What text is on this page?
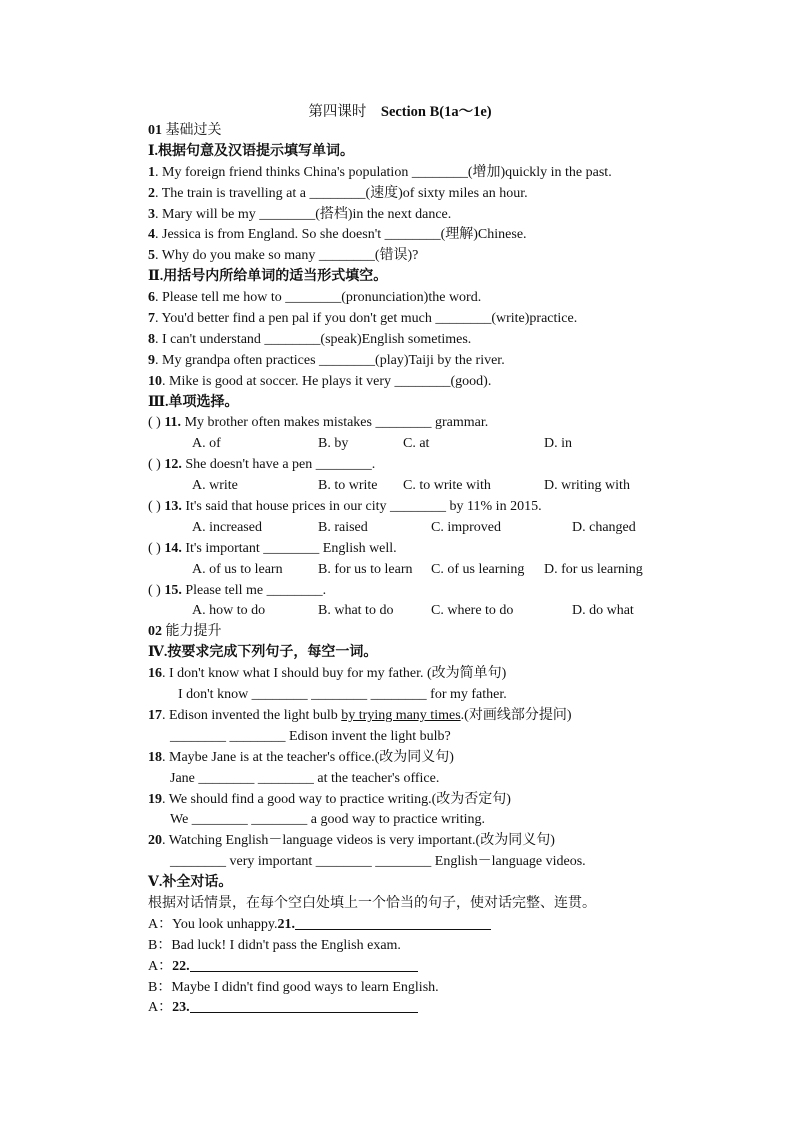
第四课时 Section B(1a～1e)
01 基础过关
Ⅰ.根据句意及汉语提示填写单词。
1. My foreign friend thinks China's population ________(增加)quickly in the past.
2. The train is travelling at a ________(速度)of sixty miles an hour.
3. Mary will be my ________(搭档)in the next dance.
4. Jessica is from England. So she doesn't ________(理解)Chinese.
5. Why do you make so many ________(错误)?
Ⅱ.用括号内所给单词的适当形式填空。
6. Please tell me how to ________(pronunciation)the word.
7. You'd better find a pen pal if you don't get much ________(write)practice.
8. I can't understand ________(speak)English sometimes.
9. My grandpa often practices ________(play)Taiji by the river.
10. Mike is good at soccer. He plays it very ________(good).
Ⅲ.单项选择。
( ) 11. My brother often makes mistakes ________ grammar.
A. of	B. by	C. at	D. in
( ) 12. She doesn't have a pen ________.
A. write	B. to write C. to write with	D. writing with
( ) 13. It's said that house prices in our city ________ by 11% in 2015.
A. increased	B. raised	C. improved	D. changed
( ) 14. It's important ________ English well.
A. of us to learn	B. for us to learn C. of us learning D. for us learning
( ) 15. Please tell me ________.
A. how to do	B. what to do	C. where to do	D. do what
02 能力提升
Ⅳ.按要求完成下列句子，每空一词。
16. I don't know what I should buy for my father. (改为简单句)
I don't know ________ ________ ________ for my father.
17. Edison invented the light bulb by trying many times.(对画线部分提问)
________ ________ Edison invent the light bulb?
18. Maybe Jane is at the teacher's office.(改为同义句)
Jane ________ ________ at the teacher's office.
19. We should find a good way to practice writing.(改为否定句)
We ________ ________ a good way to practice writing.
20. Watching English－language videos is very important.(改为同义句)
________ very important ________ ________ English－language videos.
Ⅴ.补全对话。
根据对话情景，在每个空白处填上一个恰当的句子，使对话完整、连贯。
A：You look unhappy.21.
B：Bad luck! I didn't pass the English exam.
A：22.
B：Maybe I didn't find good ways to learn English.
A：23.
